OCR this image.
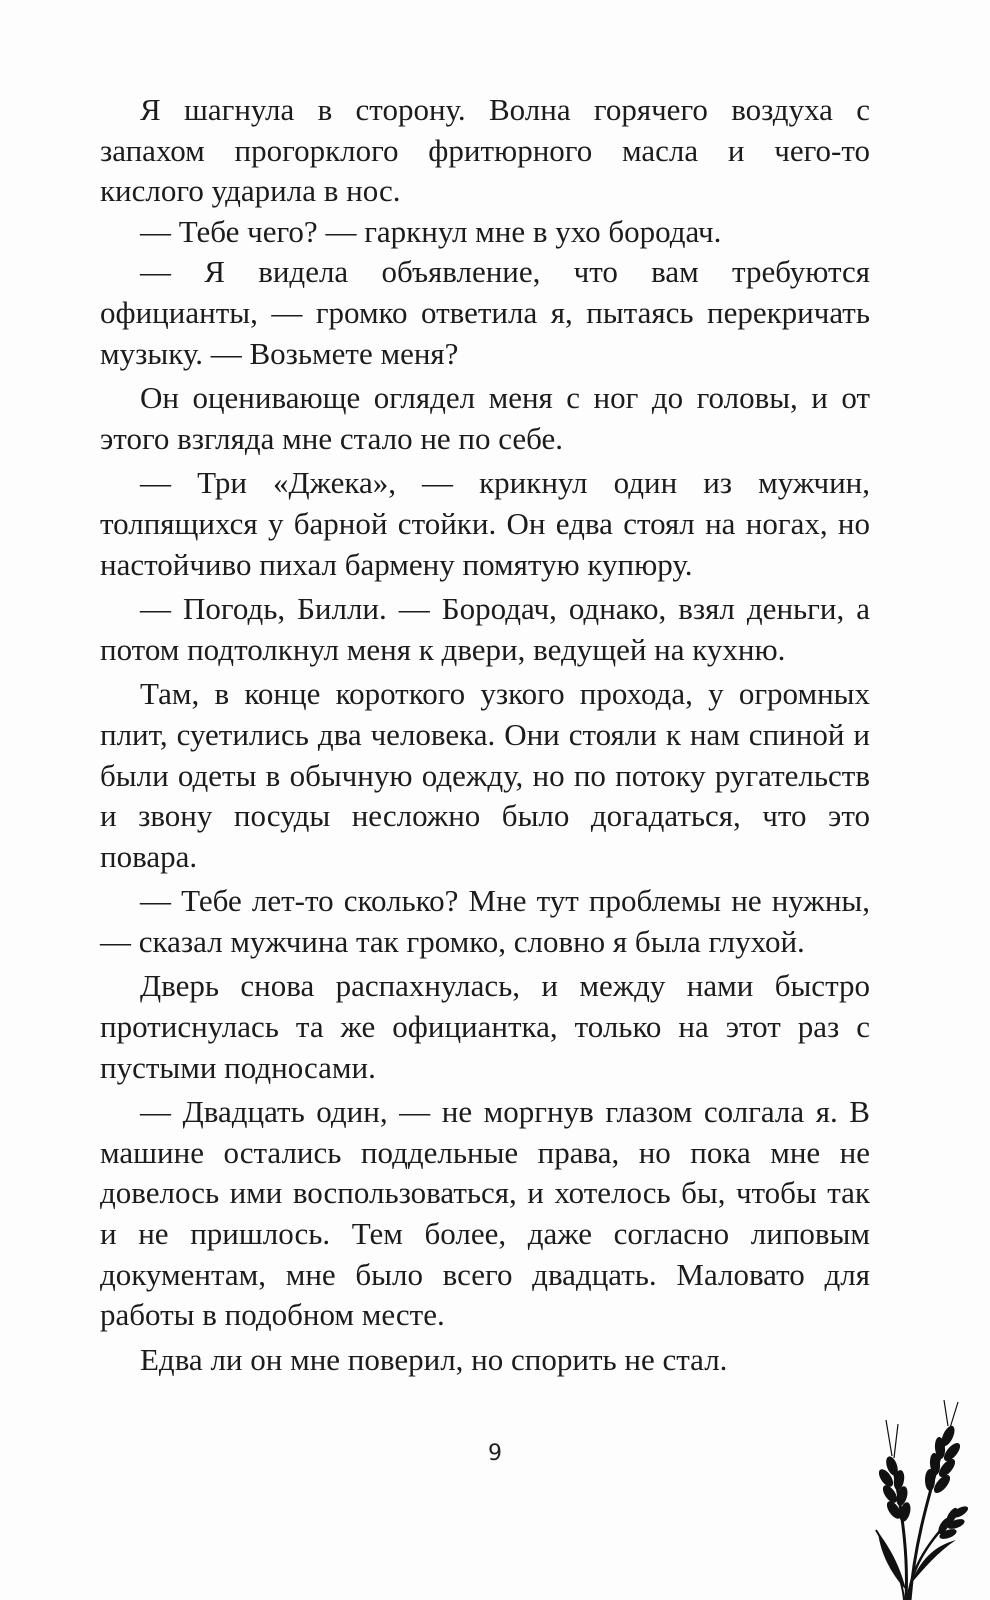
Я шагнула в сторону. Волна горячего воздуха с запахом прогорклого фритюрного масла и чего-то кислого ударила в нос.

— Тебе чего? — гаркнул мне в ухо бородач.

— Я видела объявление, что вам требуются официанты, — громко ответила я, пытаясь перекричать музыку. — Возьмете меня?

Он оценивающе оглядел меня с ног до головы, и от этого взгляда мне стало не по себе.

— Три «Джека», — крикнул один из мужчин, толпящихся у барной стойки. Он едва стоял на ногах, но настойчиво пихал бармену помятую купюру.

— Погодь, Билли. — Бородач, однако, взял деньги, а потом подтолкнул меня к двери, ведущей на кухню.

Там, в конце короткого узкого прохода, у огромных плит, суетились два человека. Они стояли к нам спиной и были одеты в обычную одежду, но по потоку ругательств и звону посуды несложно было догадаться, что это повара.

— Тебе лет-то сколько? Мне тут проблемы не нужны, — сказал мужчина так громко, словно я была глухой.

Дверь снова распахнулась, и между нами быстро протиснулась та же официантка, только на этот раз с пустыми подносами.

— Двадцать один, — не моргнув глазом солгала я. В машине остались поддельные права, но пока мне не довелось ими воспользоваться, и хотелось бы, чтобы так и не пришлось. Тем более, даже согласно липовым документам, мне было всего двадцать. Маловато для работы в подобном месте.

Едва ли он мне поверил, но спорить не стал.

9
